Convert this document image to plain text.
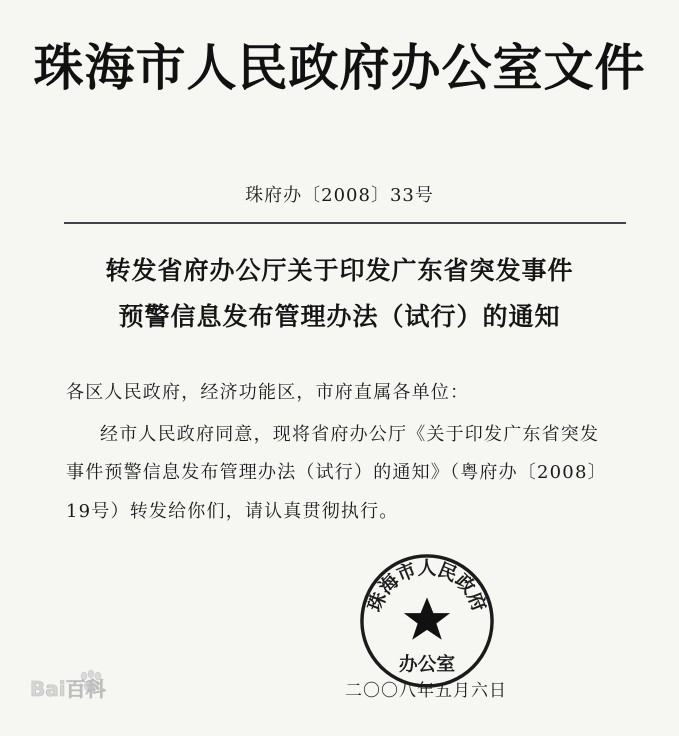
珠海市人民政府办公室文件
珠府办〔2008〕33号
转发省府办公厅关于印发广东省突发事件
预警信息发布管理办法（试行）的通知
各区人民政府，经济功能区，市府直属各单位：
经市人民政府同意，现将省府办公厅《关于印发广东省突发
事件预警信息发布管理办法（试行）的通知》（粤府办〔2008〕
19号）转发给你们，请认真贯彻执行。
珠海市人民政府
办公室
二〇〇八年五月六日
Bai百科
